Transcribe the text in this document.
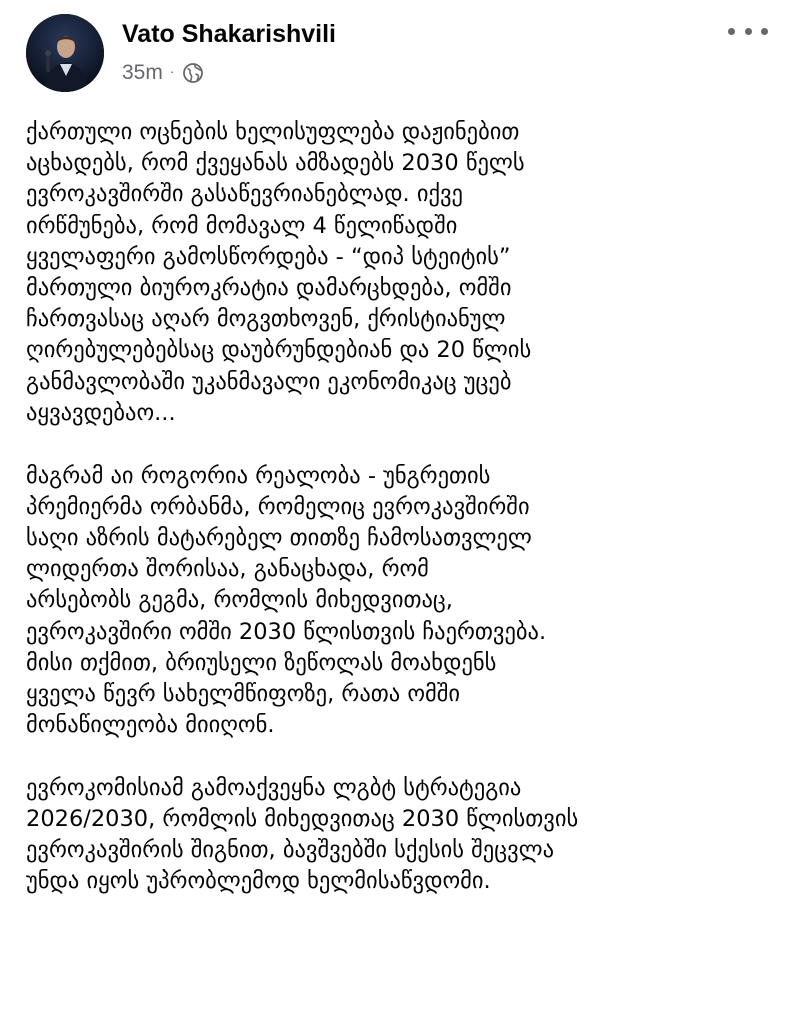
Vato Shakarishvili
35m ·

ქართული ოცნების ხელისუფლება დაჟინებით
აცხადებს, რომ ქვეყანას ამზადებს 2030 წელს
ევროკავშირში გასაწევრიანებლად. იქვე
ირწმუნება, რომ მომავალ 4 წელიწადში
ყველაფერი გამოსწორდება - “დიპ სტეიტის”
მართული ბიუროკრატია დამარცხდება, ომში
ჩართვასაც აღარ მოგვთხოვენ, ქრისტიანულ
ღირებულებებსაც დაუბრუნდებიან და 20 წლის
განმავლობაში უკანმავალი ეკონომიკაც უცებ
აყვავდებაო...

მაგრამ აი როგორია რეალობა - უნგრეთის
პრემიერმა ორბანმა, რომელიც ევროკავშირში
საღი აზრის მატარებელ თითზე ჩამოსათვლელ
ლიდერთა შორისაა, განაცხადა, რომ
არსებობს გეგმა, რომლის მიხედვითაც,
ევროკავშირი ომში 2030 წლისთვის ჩაერთვება.
მისი თქმით, ბრიუსელი ზეწოლას მოახდენს
ყველა წევრ სახელმწიფოზე, რათა ომში
მონაწილეობა მიიღონ.

ევროკომისიამ გამოაქვეყნა ლგბტ სტრატეგია
2026/2030, რომლის მიხედვითაც 2030 წლისთვის
ევროკავშირის შიგნით, ბავშვებში სქესის შეცვლა
უნდა იყოს უპრობლემოდ ხელმისაწვდომი.
